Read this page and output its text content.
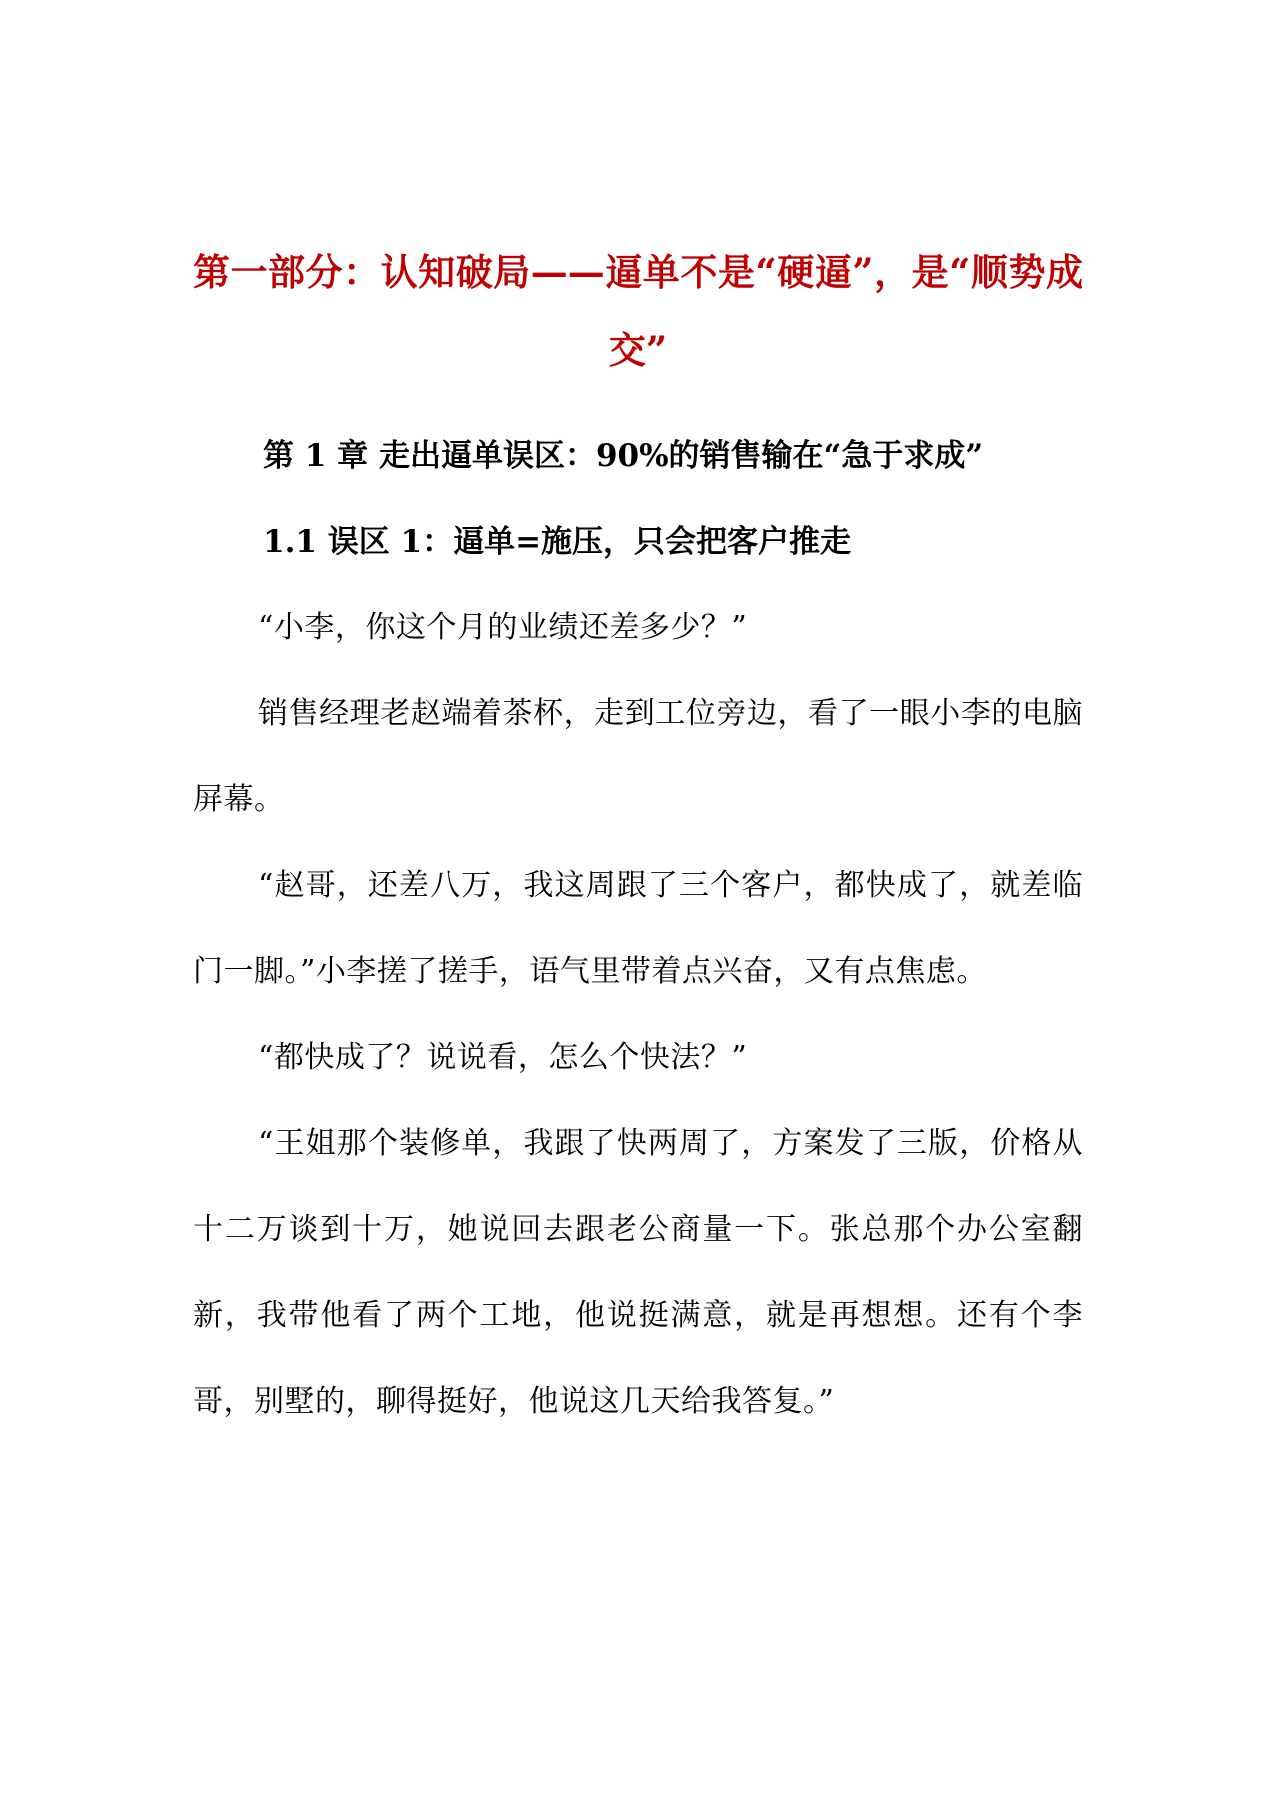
第一部分：认知破局——逼单不是“硬逼”，是“顺势成交”
第 1 章 走出逼单误区：90%的销售输在“急于求成”
1.1 误区 1：逼单=施压，只会把客户推走

“小李，你这个月的业绩还差多少？”

销售经理老赵端着茶杯，走到工位旁边，看了一眼小李的电脑屏幕。

“赵哥，还差八万，我这周跟了三个客户，都快成了，就差临门一脚。”小李搓了搓手，语气里带着点兴奋，又有点焦虑。

“都快成了？说说看，怎么个快法？”

“王姐那个装修单，我跟了快两周了，方案发了三版，价格从十二万谈到十万，她说回去跟老公商量一下。张总那个办公室翻新，我带他看了两个工地，他说挺满意，就是再想想。还有个李哥，别墅的，聊得挺好，他说这几天给我答复。”
